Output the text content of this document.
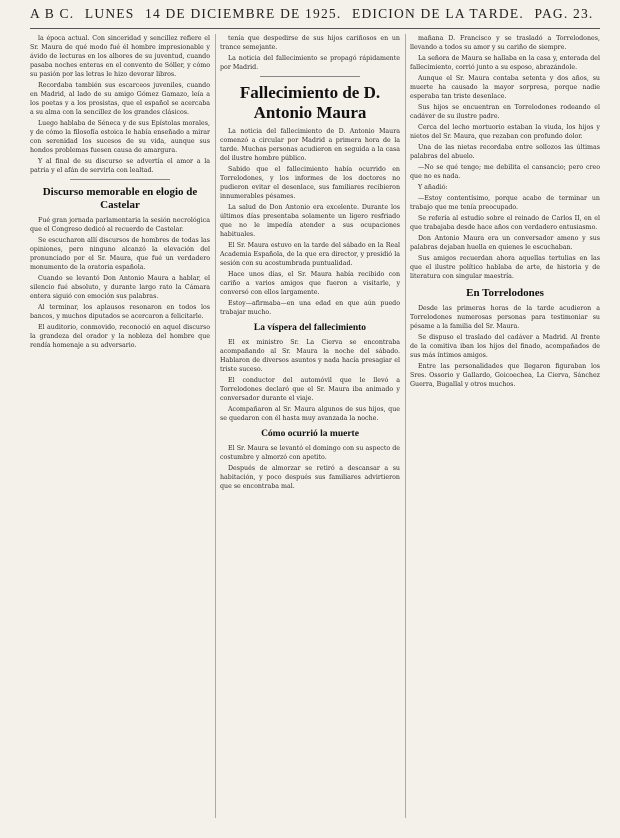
A B C. LUNES 14 DE DICIEMBRE DE 1925. EDICION DE LA TARDE. PAG. 23.

la época actual. Con sinceridad y sencillez refiere el Sr. Maura de qué modo fué él hombre impresionable y ávido de lecturas en los albores de su juventud, cuando pasaba noches enteras en el convento de Sóller, y cómo su pasión por las letras le hizo devorar libros.

Recordaba también sus escarceos juveniles, cuando en Madrid, al lado de su amigo Gómez Gamazo, leía a los poetas y a los prosistas, que el español se acercaba a su alma con la sencillez de los grandes clásicos.

Luego hablaba de Séneca y de sus Epístolas morales, y de cómo la filosofía estoica le había enseñado a mirar con serenidad los sucesos de su vida, aunque sus hondos problemas fuesen causa de amargura.

Y al final de su discurso se advertía el amor a la patria y el afán de servirla con lealtad.

Discurso memorable en elogio de Castelar

Fué gran jornada parlamentaria la sesión necrológica que el Congreso dedicó al recuerdo de Castelar.

Se escucharon allí discursos de hombres de todas las opiniones, pero ninguno alcanzó la elevación del pronunciado por el Sr. Maura, que fué un verdadero monumento de la oratoria española.

Cuando se levantó Don Antonio Maura a hablar, el silencio fué absoluto, y durante largo rato la Cámara entera siguió con emoción sus palabras.

Al terminar, los aplausos resonaron en todos los bancos, y muchos diputados se acercaron a felicitarle.

El auditorio, conmovido, reconoció en aquel discurso la grandeza del orador y la nobleza del hombre que rendía homenaje a su adversario.

tenía que despedirse de sus hijos cariñosos en un trance semejante.

La noticia del fallecimiento se propagó rápidamente por Madrid.

Fallecimiento de D. Antonio Maura

La noticia del fallecimiento de D. Antonio Maura comenzó a circular por Madrid a primera hora de la tarde. Muchas personas acudieron en seguida a la casa del ilustre hombre público.

Sabido que el fallecimiento había ocurrido en Torrelodones, y los informes de los doctores no pudieron evitar el desenlace, sus familiares recibieron innumerables pésames.

La salud de Don Antonio era excelente. Durante los últimos días presentaba solamente un ligero resfriado que no le impedía atender a sus ocupaciones habituales.

El Sr. Maura estuvo en la tarde del sábado en la Real Academia Española, de la que era director, y presidió la sesión con su acostumbrada puntualidad.

Hace unos días, el Sr. Maura había recibido con cariño a varios amigos que fueron a visitarle, y conversó con ellos largamente.

Estoy—afirmaba—en una edad en que aún puedo trabajar mucho.

La víspera del fallecimiento

El ex ministro Sr. La Cierva se encontraba acompañando al Sr. Maura la noche del sábado. Hablaron de diversos asuntos y nada hacía presagiar el triste suceso.

El conductor del automóvil que le llevó a Torrelodones declaró que el Sr. Maura iba animado y conversador durante el viaje.

Acompañaron al Sr. Maura algunos de sus hijos, que se quedaron con él hasta muy avanzada la noche.

Cómo ocurrió la muerte

El Sr. Maura se levantó el domingo con su aspecto de costumbre y almorzó con apetito.

Después de almorzar se retiró a descansar a su habitación, y poco después sus familiares advirtieron que se encontraba mal.

mañana D. Francisco y se trasladó a Torrelodones, llevando a todos su amor y su cariño de siempre.

La señora de Maura se hallaba en la casa y, enterada del fallecimiento, corrió junto a su esposo, abrazándole.

Aunque el Sr. Maura contaba setenta y dos años, su muerte ha causado la mayor sorpresa, porque nadie esperaba tan triste desenlace.

Sus hijos se encuentran en Torrelodones rodeando el cadáver de su ilustre padre.

Cerca del lecho mortuorio estaban la viuda, los hijos y nietos del Sr. Maura, que rezaban con profundo dolor.

Una de las nietas recordaba entre sollozos las últimas palabras del abuelo.

—No se qué tengo; me debilita el cansancio; pero creo que no es nada.

Y añadió:

—Estoy contentísimo, porque acabo de terminar un trabajo que me tenía preocupado.

Se refería al estudio sobre el reinado de Carlos II, en el que trabajaba desde hace años con verdadero entusiasmo.

Don Antonio Maura era un conversador ameno y sus palabras dejaban huella en quienes le escuchaban.

Sus amigos recuerdan ahora aquellas tertulias en las que el ilustre político hablaba de arte, de historia y de literatura con singular maestría.

En Torrelodones

Desde las primeras horas de la tarde acudieron a Torrelodones numerosas personas para testimoniar su pésame a la familia del Sr. Maura.

Se dispuso el traslado del cadáver a Madrid. Al frente de la comitiva iban los hijos del finado, acompañados de sus más íntimos amigos.

Entre las personalidades que llegaron figuraban los Sres. Ossorio y Gallardo, Goicoechea, La Cierva, Sánchez Guerra, Bugallal y otros muchos.
